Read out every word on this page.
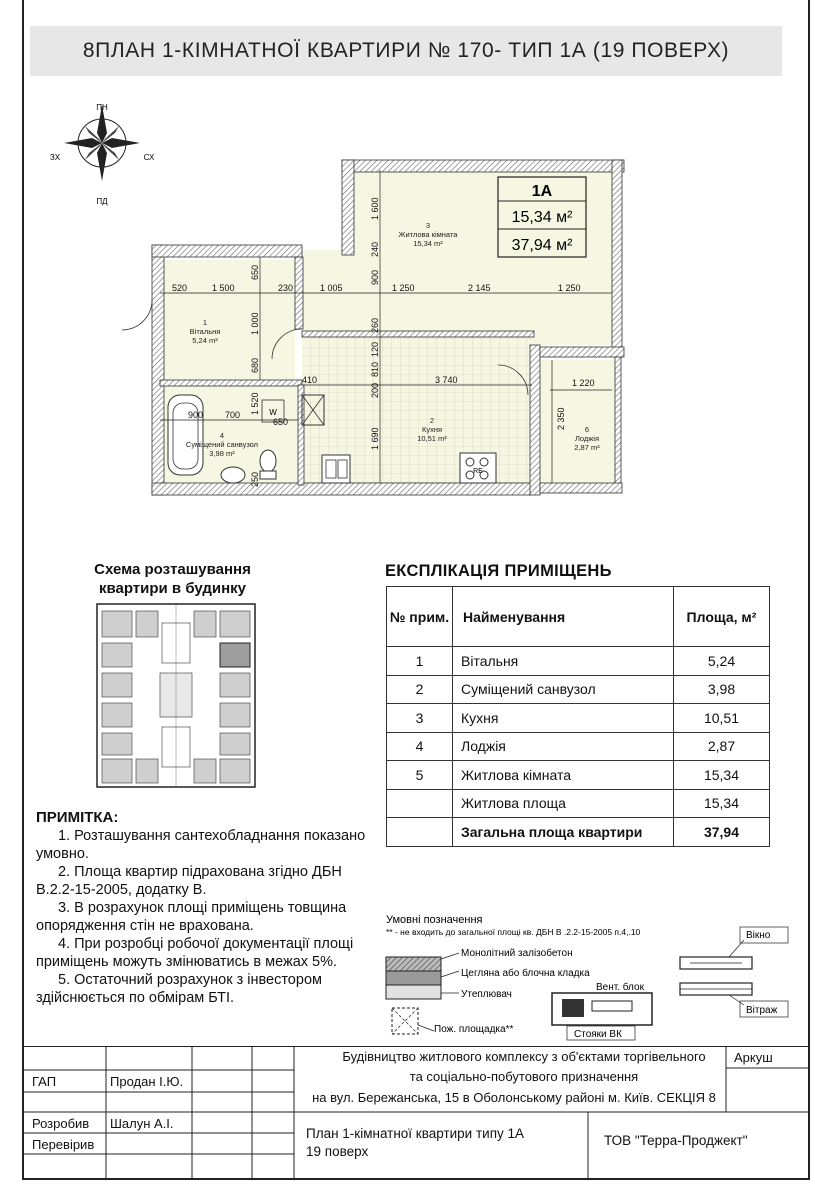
8ПЛАН 1-КІМНАТНОЇ КВАРТИРИ № 170- ТИП 1А (19 ПОВЕРХ)
ПН
ПД
ЗХ	СХ
RE
W
520	1 500	230	1 005	1 250	2 145	1 250
410	3 740	1 220
900 700
650
1 600
240
900
260
120
810
200
1 690
650
1 000
680
1 520
250
2 350
1
Вітальня
5,24 m²
2
Кухня
10,51 m²
3
Житлова кімната
15,34 m²
4
Суміщений санвузол
3,98 m²
6
Лоджія
2,87 m²
1А
15,34 м²
37,94 м²
Схема розташування квартири в будинку
ПРИМІТКА:

1. Розташування сантехобладнання показано умовно.

2. Площа квартир підрахована згідно ДБН В.2.2-15-2005, додатку В.

3. В розрахунок площі приміщень товщина опорядження стін не врахована.

4. При розробці робочої документації площі приміщень можуть змінюватись в межах 5%.

5. Остаточний розрахунок з інвестором здійснюється по обмірам БТІ.

ЕКСПЛІКАЦІЯ ПРИМІЩЕНЬ
№ прим.	Найменування	Площа, м²
1	Вітальня	5,24
2	Суміщений санвузол	3,98
3	Кухня	10,51
4	Лоджія	2,87
5	Житлова кімната	15,34
	Житлова площа	15,34
	Загальна площа квартири	37,94
Умовні позначення
** - не входить до загальної площі кв. ДБН В .2.2-15-2005 п.4,.10
Монолітний залізобетон
Цегляна або блочна кладка
Утеплювач
Пож. площадка**
Вент. блок
Стояки ВК
Вікно
Вітраж
Будівництво житлового комплексу з об'єктами торгівельного
та соціально-побутового призначення
на вул. Бережанська, 15 в Оболонському районі м. Київ. СЕКЦІЯ 8
Аркуш
ГАП	Продан І.Ю.
Розробив Шалун А.І.
Перевірив
План 1-кімнатної квартири типу 1А
19 поверх
ТОВ "Терра-Проджект"
